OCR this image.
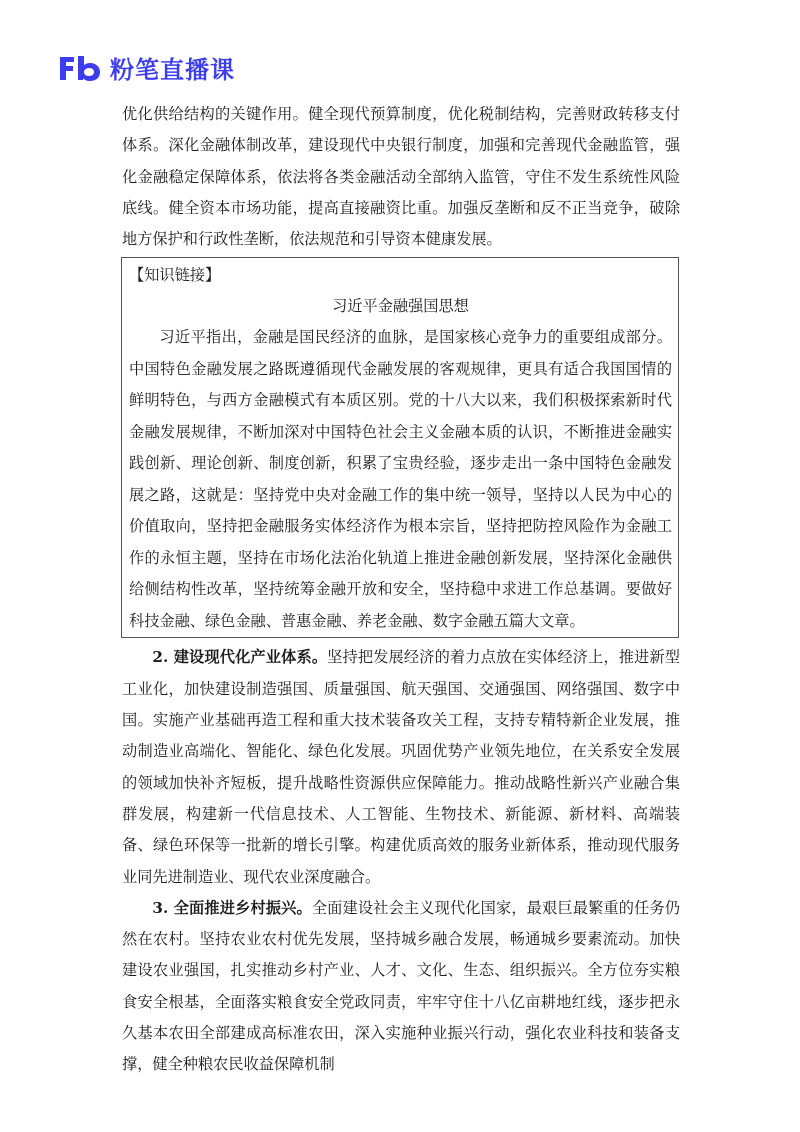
粉笔直播课

优化供给结构的关键作用。健全现代预算制度，优化税制结构，完善财政转移支付体系。深化金融体制改革，建设现代中央银行制度，加强和完善现代金融监管，强化金融稳定保障体系，依法将各类金融活动全部纳入监管，守住不发生系统性风险底线。健全资本市场功能，提高直接融资比重。加强反垄断和反不正当竞争，破除地方保护和行政性垄断，依法规范和引导资本健康发展。

【知识链接】
习近平金融强国思想

习近平指出，金融是国民经济的血脉，是国家核心竞争力的重要组成部分。中国特色金融发展之路既遵循现代金融发展的客观规律，更具有适合我国国情的鲜明特色，与西方金融模式有本质区别。党的十八大以来，我们积极探索新时代金融发展规律，不断加深对中国特色社会主义金融本质的认识，不断推进金融实践创新、理论创新、制度创新，积累了宝贵经验，逐步走出一条中国特色金融发展之路，这就是：坚持党中央对金融工作的集中统一领导，坚持以人民为中心的价值取向，坚持把金融服务实体经济作为根本宗旨，坚持把防控风险作为金融工作的永恒主题，坚持在市场化法治化轨道上推进金融创新发展，坚持深化金融供给侧结构性改革，坚持统筹金融开放和安全，坚持稳中求进工作总基调。要做好科技金融、绿色金融、普惠金融、养老金融、数字金融五篇大文章。

2. 建设现代化产业体系。坚持把发展经济的着力点放在实体经济上，推进新型工业化，加快建设制造强国、质量强国、航天强国、交通强国、网络强国、数字中国。实施产业基础再造工程和重大技术装备攻关工程，支持专精特新企业发展，推动制造业高端化、智能化、绿色化发展。巩固优势产业领先地位，在关系安全发展的领域加快补齐短板，提升战略性资源供应保障能力。推动战略性新兴产业融合集群发展，构建新一代信息技术、人工智能、生物技术、新能源、新材料、高端装备、绿色环保等一批新的增长引擎。构建优质高效的服务业新体系，推动现代服务业同先进制造业、现代农业深度融合。

3. 全面推进乡村振兴。全面建设社会主义现代化国家，最艰巨最繁重的任务仍然在农村。坚持农业农村优先发展，坚持城乡融合发展，畅通城乡要素流动。加快建设农业强国，扎实推动乡村产业、人才、文化、生态、组织振兴。全方位夯实粮食安全根基，全面落实粮食安全党政同责，牢牢守住十八亿亩耕地红线，逐步把永久基本农田全部建成高标准农田，深入实施种业振兴行动，强化农业科技和装备支撑，健全种粮农民收益保障机制
